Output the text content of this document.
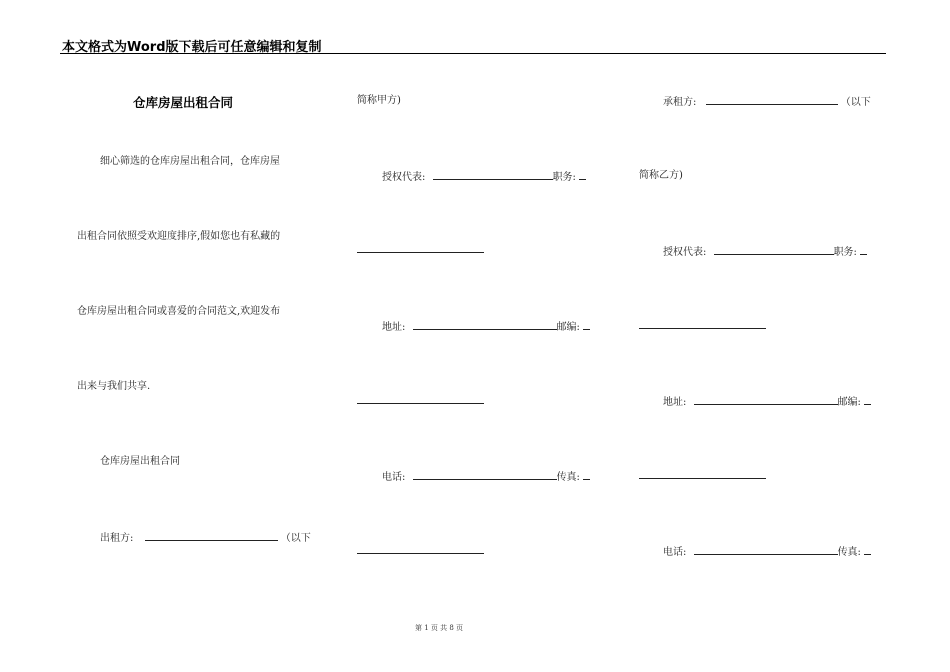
本文格式为Word版下载后可任意编辑和复制
仓库房屋出租合同
细心筛选的仓库房屋出租合同，仓库房屋
出租合同依照受欢迎度排序,假如您也有私藏的
仓库房屋出租合同或喜爱的合同范文,欢迎发布
出来与我们共享.
仓库房屋出租合同
出租方:	（以下
简称甲方)
授权代表:	职务:
地址:	邮编:
电话:	传真:
承租方:	（以下
简称乙方)
授权代表:	职务:
地址:	邮编:
电话:	传真:
第 1 页 共 8 页
